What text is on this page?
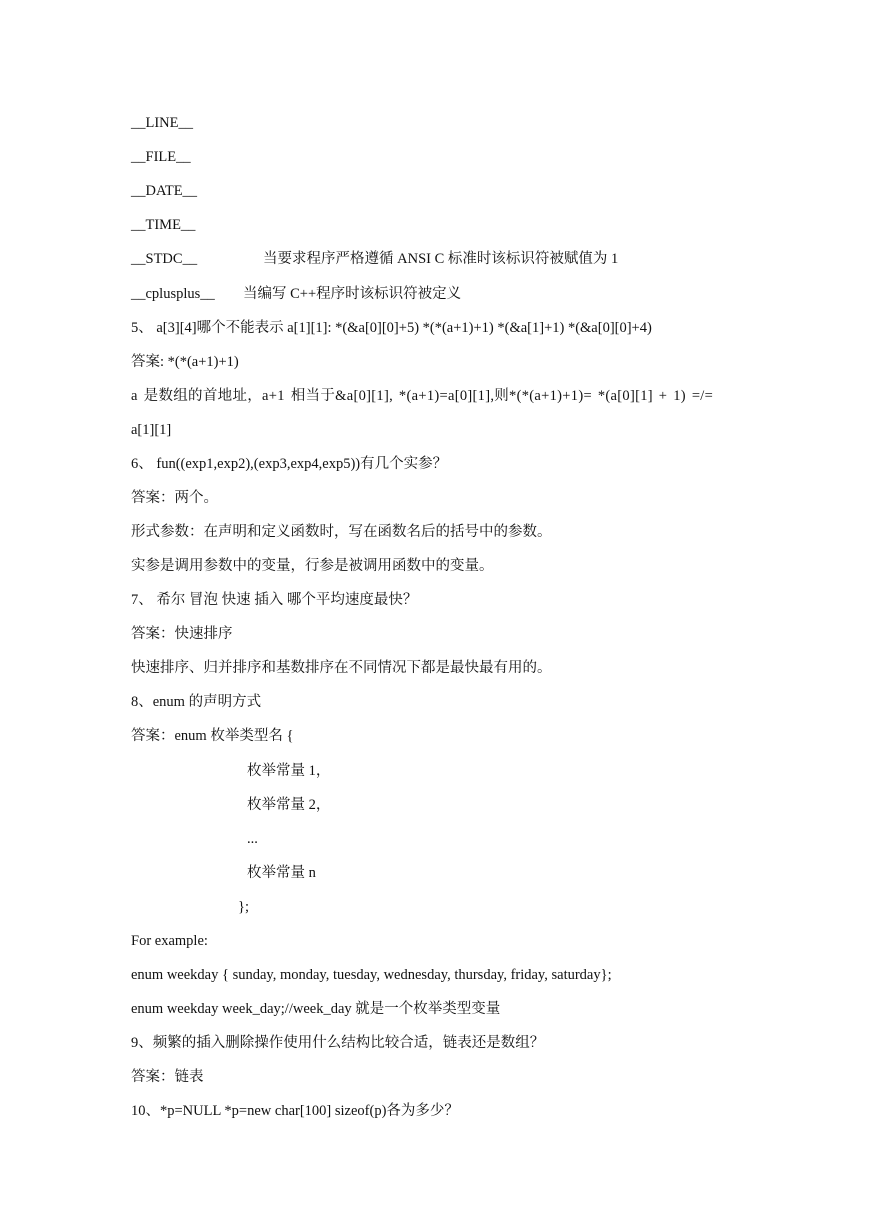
__LINE__
__FILE__
__DATE__
__TIME__
__STDC__	当要求程序严格遵循 ANSI C 标准时该标识符被赋值为 1
__cplusplus__ 当编写 C++程序时该标识符被定义
5、 a[3][4]哪个不能表示 a[1][1]: *(&a[0][0]+5) *(*(a+1)+1) *(&a[1]+1) *(&a[0][0]+4)
答案: *(*(a+1)+1)
a 是数组的首地址，a+1 相当于&a[0][1], *(a+1)=a[0][1],则*(*(a+1)+1)= *(a[0][1] + 1) =/=
a[1][1]
6、 fun((exp1,exp2),(exp3,exp4,exp5))有几个实参？
答案：两个。
形式参数：在声明和定义函数时，写在函数名后的括号中的参数。
实参是调用参数中的变量，行参是被调用函数中的变量。
7、 希尔 冒泡 快速 插入 哪个平均速度最快？
答案：快速排序
快速排序、归并排序和基数排序在不同情况下都是最快最有用的。
8、enum 的声明方式
答案：enum 枚举类型名 {
枚举常量 1，
枚举常量 2，
...
枚举常量 n
};
For example:
enum weekday { sunday, monday, tuesday, wednesday, thursday, friday, saturday};
enum weekday week_day;//week_day 就是一个枚举类型变量
9、频繁的插入删除操作使用什么结构比较合适，链表还是数组？
答案：链表
10、*p=NULL *p=new char[100] sizeof(p)各为多少？
